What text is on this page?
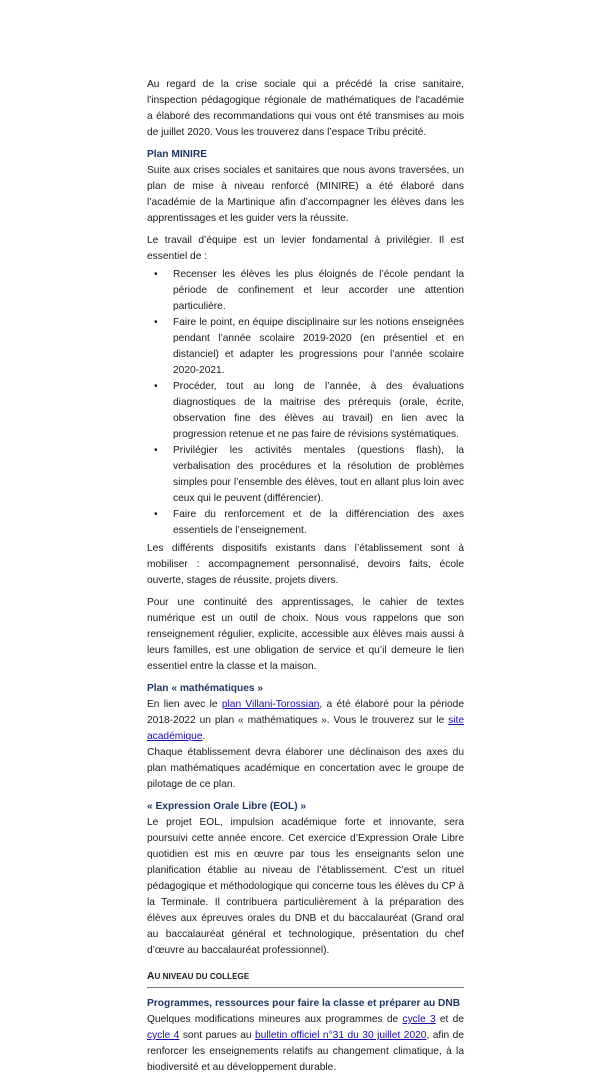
Au regard de la crise sociale qui a précédé la crise sanitaire, l'inspection pédagogique régionale de mathématiques de l'académie a élaboré des recommandations qui vous ont été transmises au mois de juillet 2020. Vous les trouverez dans l’espace Tribu précité.

Plan MINIRE

Suite aux crises sociales et sanitaires que nous avons traversées, un plan de mise à niveau renforcé (MINIRE) a été élaboré dans l’académie de la Martinique afin d’accompagner les élèves dans les apprentissages et les guider vers la réussite.

Le travail d’équipe est un levier fondamental à privilégier. Il est essentiel de :

• Recenser les élèves les plus éloignés de l’école pendant la période de confinement et leur accorder une attention particulière.
• Faire le point, en équipe disciplinaire sur les notions enseignées pendant l’année scolaire 2019-2020 (en présentiel et en distanciel) et adapter les progressions pour l’année scolaire 2020-2021.
• Procéder, tout au long de l’année, à des évaluations diagnostiques de la maitrise des prérequis (orale, écrite, observation fine des élèves au travail) en lien avec la progression retenue et ne pas faire de révisions systématiques.
• Privilégier les activités mentales (questions flash), la verbalisation des procédures et la résolution de problèmes simples pour l’ensemble des élèves, tout en allant plus loin avec ceux qui le peuvent (différencier).
• Faire du renforcement et de la différenciation des axes essentiels de l’enseignement.

Les différents dispositifs existants dans l’établissement sont à mobiliser : accompagnement personnalisé, devoirs faits, école ouverte, stages de réussite, projets divers.

Pour une continuité des apprentissages, le cahier de textes numérique est un outil de choix. Nous vous rappelons que son renseignement régulier, explicite, accessible aux élèves mais aussi à leurs familles, est une obligation de service et qu’il demeure le lien essentiel entre la classe et la maison.

Plan « mathématiques »

En lien avec le plan Villani-Torossian, a été élaboré pour la période 2018-2022 un plan « mathématiques ». Vous le trouverez sur le site académique.

Chaque établissement devra élaborer une déclinaison des axes du plan mathématiques académique en concertation avec le groupe de pilotage de ce plan.

« Expression Orale Libre (EOL) »

Le projet EOL, impulsion académique forte et innovante, sera poursuivi cette année encore. Cet exercice d’Expression Orale Libre quotidien est mis en œuvre par tous les enseignants selon une planification établie au niveau de l’établissement. C’est un rituel pédagogique et méthodologique qui concerne tous les élèves du CP à la Terminale. Il contribuera particulièrement à la préparation des élèves aux épreuves orales du DNB et du baccalauréat (Grand oral au baccalauréat général et technologique, présentation du chef d’œuvre au baccalauréat professionnel).

AU NIVEAU DU COLLEGE
Programmes, ressources pour faire la classe et préparer au DNB

Quelques modifications mineures aux programmes de cycle 3 et de cycle 4 sont parues au bulletin officiel n°31 du 30 juillet 2020, afin de renforcer les enseignements relatifs au changement climatique, à la biodiversité et au développement durable.
